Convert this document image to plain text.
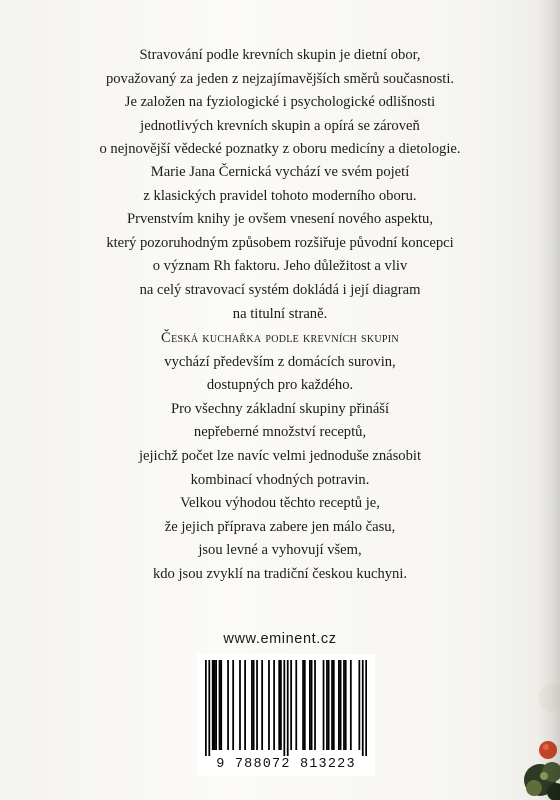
Stravování podle krevních skupin je dietní obor,
považovaný za jeden z nejzajímavějších směrů současnosti.
Je založen na fyziologické i psychologické odlišnosti
jednotlivých krevních skupin a opírá se zároveň
o nejnovější vědecké poznatky z oboru medicíny a dietologie.
Marie Jana Černická vychází ve svém pojetí
z klasických pravidel tohoto moderního oboru.
Prvenstvím knihy je ovšem vnesení nového aspektu,
který pozoruhodným způsobem rozšiřuje původní koncepci
o význam Rh faktoru. Jeho důležitost a vliv
na celý stravovací systém dokládá i její diagram
na titulní straně.
Česká kuchařka podle krevních skupin
vychází především z domácích surovin,
dostupných pro každého.
Pro všechny základní skupiny přináší
nepřeberné množství receptů,
jejichž počet lze navíc velmi jednoduše znásobit
kombinací vhodných potravin.
Velkou výhodou těchto receptů je,
že jejich příprava zabere jen málo času,
jsou levné a vyhovují všem,
kdo jsou zvyklí na tradiční českou kuchyni.
www.eminent.cz
9 788072 813223
